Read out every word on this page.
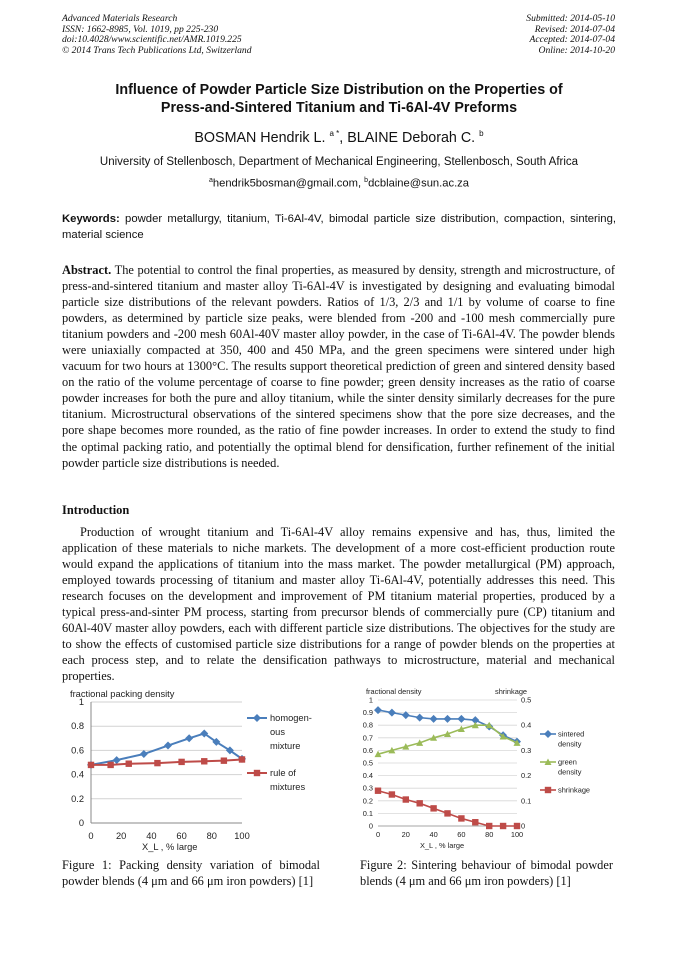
Advanced Materials Research
ISSN: 1662-8985, Vol. 1019, pp 225-230
doi:10.4028/www.scientific.net/AMR.1019.225
© 2014 Trans Tech Publications Ltd, Switzerland
Submitted: 2014-05-10
Revised: 2014-07-04
Accepted: 2014-07-04
Online: 2014-10-20
Influence of Powder Particle Size Distribution on the Properties of
Press-and-Sintered Titanium and Ti-6Al-4V Preforms
BOSMAN Hendrik L. $^{a *}$, BLAINE Deborah C. $^b$
University of Stellenbosch, Department of Mechanical Engineering, Stellenbosch, South Africa
$^a$hendrik5bosman@gmail.com, $^b$dcblaine@sun.ac.za
Keywords: powder metallurgy, titanium, Ti-6Al-4V, bimodal particle size distribution, compaction, sintering, material science
Abstract. The potential to control the final properties, as measured by density, strength and microstructure, of press-and-sintered titanium and master alloy Ti-6Al-4V is investigated by designing and evaluating bimodal particle size distributions of the relevant powders. Ratios of 1/3, 2/3 and 1/1 by volume of coarse to fine powders, as determined by particle size peaks, were blended from -200 and -100 mesh commercially pure titanium powders and -200 mesh 60Al-40V master alloy powder, in the case of Ti-6Al-4V. The powder blends were uniaxially compacted at 350, 400 and 450 MPa, and the green specimens were sintered under high vacuum for two hours at 1300°C. The results support theoretical prediction of green and sintered density based on the ratio of the volume percentage of coarse to fine powder; green density increases as the ratio of coarse powder increases for both the pure and alloy titanium, while the sinter density similarly decreases for the pure titanium. Microstructural observations of the sintered specimens show that the pore size decreases, and the pore shape becomes more rounded, as the ratio of fine powder increases. In order to extend the study to find the optimal packing ratio, and potentially the optimal blend for densification, further refinement of the initial powder particle size distributions is needed.
Introduction
Production of wrought titanium and Ti-6Al-4V alloy remains expensive and has, thus, limited the application of these materials to niche markets. The development of a more cost-efficient production route would expand the applications of titanium into the mass market. The powder metallurgical (PM) approach, employed towards processing of titanium and master alloy Ti-6Al-4V, potentially addresses this need. This research focuses on the development and improvement of PM titanium material properties, produced by a typical press-and-sinter PM process, starting from precursor blends of commercially pure (CP) titanium and 60Al-40V master alloy powders, each with different particle size distributions. The objectives for the study are to show the effects of customised particle size distributions for a range of powder blends on the properties at each process step, and to relate the densification pathways to microstructure, material and mechanical properties.
fractional packing density
0
0.2
0.4
0.6
0.8
1
0 20 40 60 80 100
homogen-
ous
mixture
rule of
mixtures
X_L , % large
fractional density	shrinkage
0
0.1
0.2
0.3
0.4
0.5
0.6
0.7
0.8
0.9
1
0
0.1
0.2
0.3
0.4
0.5
0	20	40	60	80 100
sintered
density
green
density
shrinkage
X_L , % large
Figure 1: Packing density variation of bimodal powder blends (4 μm and 66 μm iron powders) [1]
Figure 2: Sintering behaviour of bimodal powder blends (4 μm and 66 μm iron powders) [1]
